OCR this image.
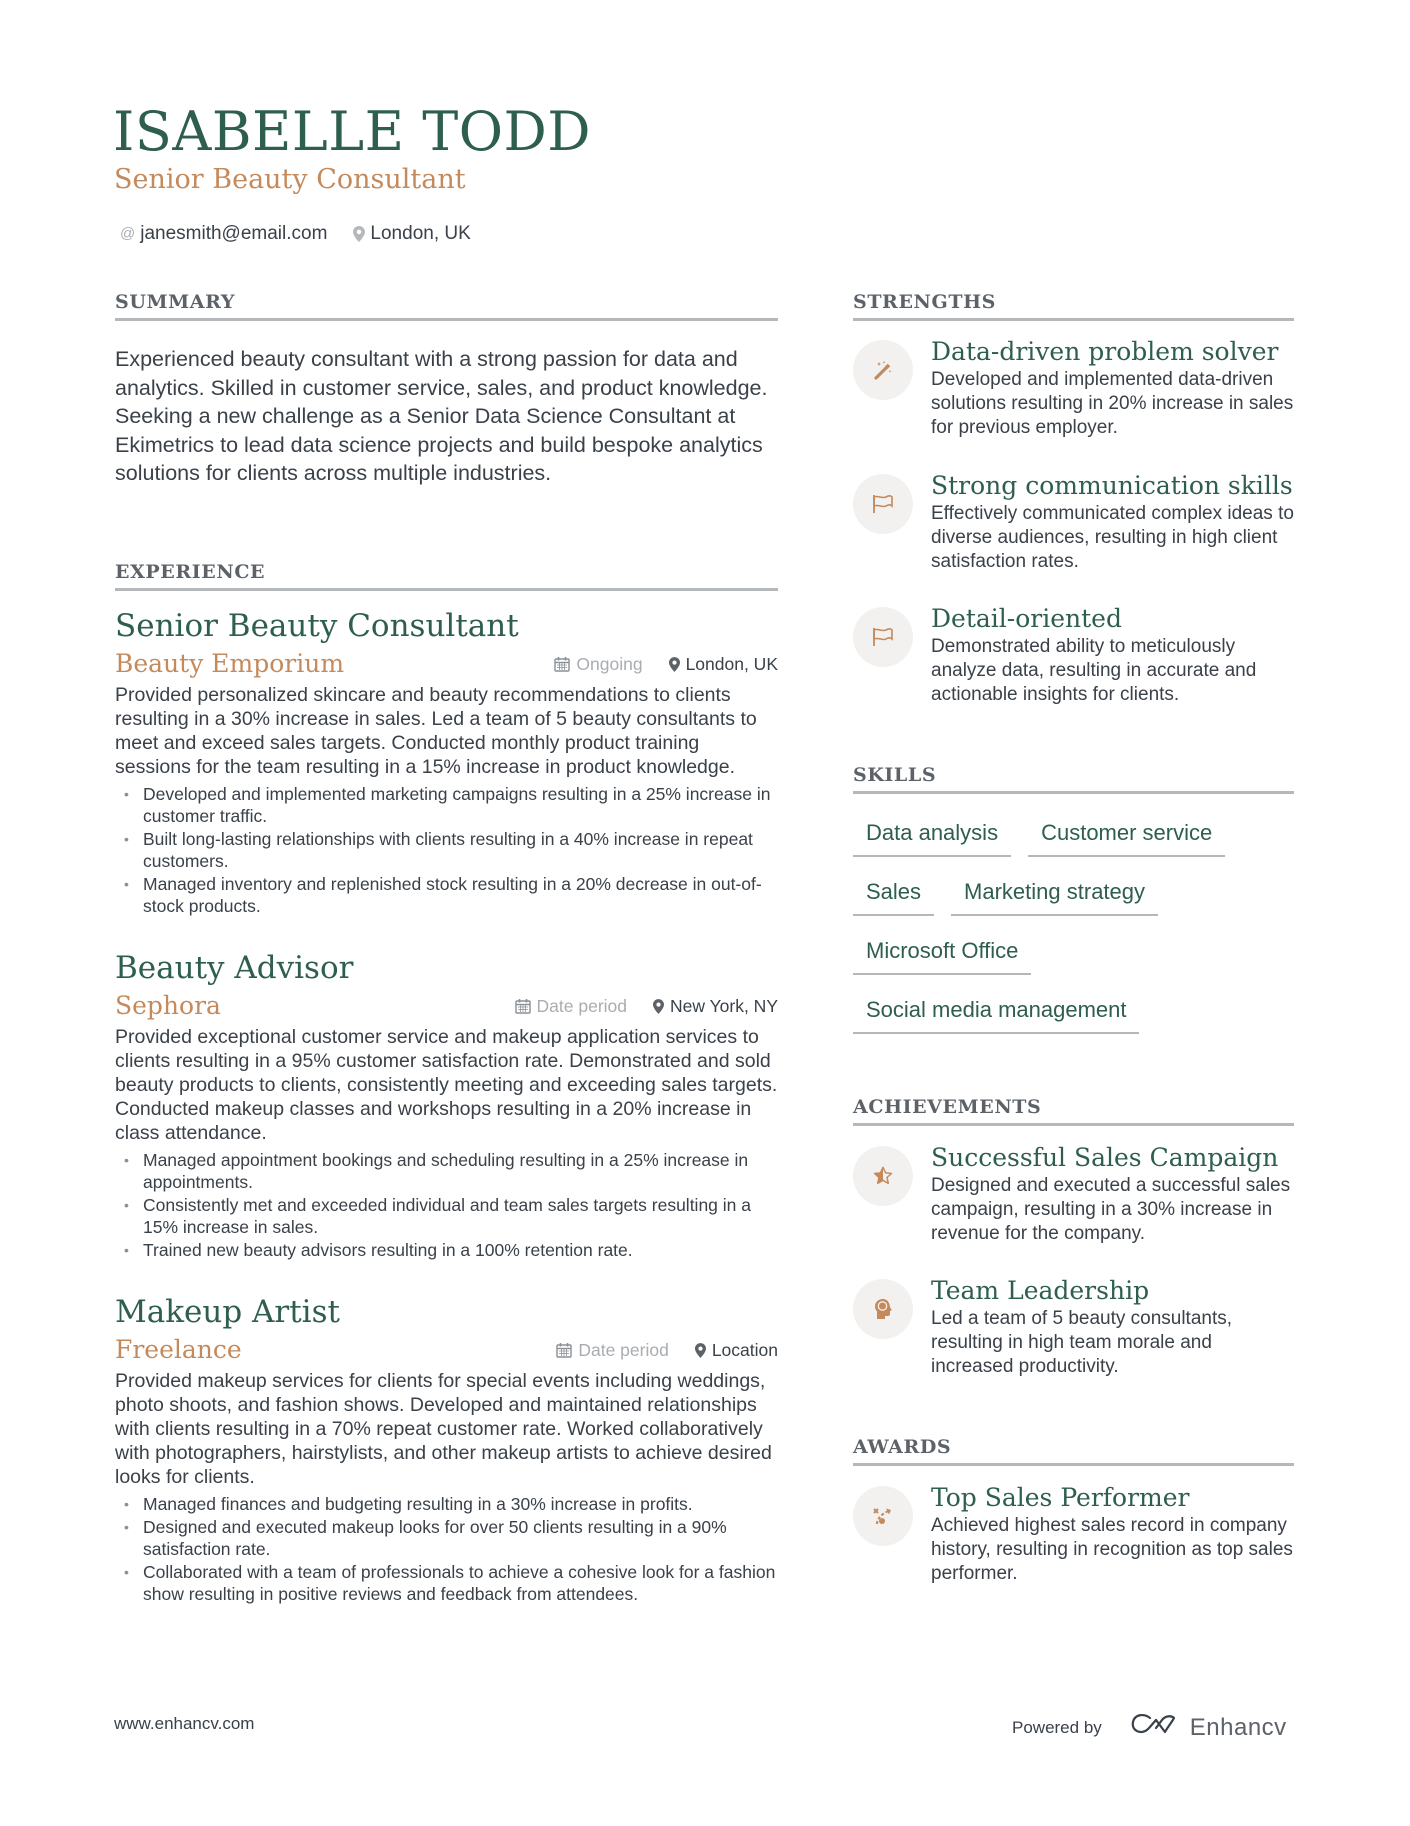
ISABELLE TODD
Senior Beauty Consultant
@ janesmith@email.com London, UK
SUMMARY

Experienced beauty consultant with a strong passion for data and analytics. Skilled in customer service, sales, and product knowledge. Seeking a new challenge as a Senior Data Science Consultant at Ekimetrics to lead data science projects and build bespoke analytics solutions for clients across multiple industries.

EXPERIENCE
Senior Beauty Consultant
Beauty Emporium	Ongoing London, UK

Provided personalized skincare and beauty recommendations to clients resulting in a 30% increase in sales. Led a team of 5 beauty consultants to meet and exceed sales targets. Conducted monthly product training sessions for the team resulting in a 15% increase in product knowledge.

• Developed and implemented marketing campaigns resulting in a 25% increase in customer traffic.
• Built long-lasting relationships with clients resulting in a 40% increase in repeat customers.
• Managed inventory and replenished stock resulting in a 20% decrease in out-of-stock products.
Beauty Advisor
Sephora	Date period New York, NY

Provided exceptional customer service and makeup application services to clients resulting in a 95% customer satisfaction rate. Demonstrated and sold beauty products to clients, consistently meeting and exceeding sales targets. Conducted makeup classes and workshops resulting in a 20% increase in class attendance.

• Managed appointment bookings and scheduling resulting in a 25% increase in appointments.
• Consistently met and exceeded individual and team sales targets resulting in a 15% increase in sales.
• Trained new beauty advisors resulting in a 100% retention rate.
Makeup Artist
Freelance	Date period Location

Provided makeup services for clients for special events including weddings, photo shoots, and fashion shows. Developed and maintained relationships with clients resulting in a 70% repeat customer rate. Worked collaboratively with photographers, hairstylists, and other makeup artists to achieve desired looks for clients.

• Managed finances and budgeting resulting in a 30% increase in profits.
• Designed and executed makeup looks for over 50 clients resulting in a 90% satisfaction rate.
• Collaborated with a team of professionals to achieve a cohesive look for a fashion show resulting in positive reviews and feedback from attendees.
STRENGTHS
Data-driven problem solver
Developed and implemented data-driven solutions resulting in 20% increase in sales for previous employer.
Strong communication skills
Effectively communicated complex ideas to diverse audiences, resulting in high client satisfaction rates.
Detail-oriented
Demonstrated ability to meticulously analyze data, resulting in accurate and actionable insights for clients.
SKILLS
Data analysis	Customer service
Sales	Marketing strategy
Microsoft Office
Social media management
ACHIEVEMENTS
Successful Sales Campaign
Designed and executed a successful sales campaign, resulting in a 30% increase in revenue for the company.
Team Leadership
Led a team of 5 beauty consultants, resulting in high team morale and increased productivity.
AWARDS
Top Sales Performer
Achieved highest sales record in company history, resulting in recognition as top sales performer.
www.enhancv.com	Powered by	Enhancv
